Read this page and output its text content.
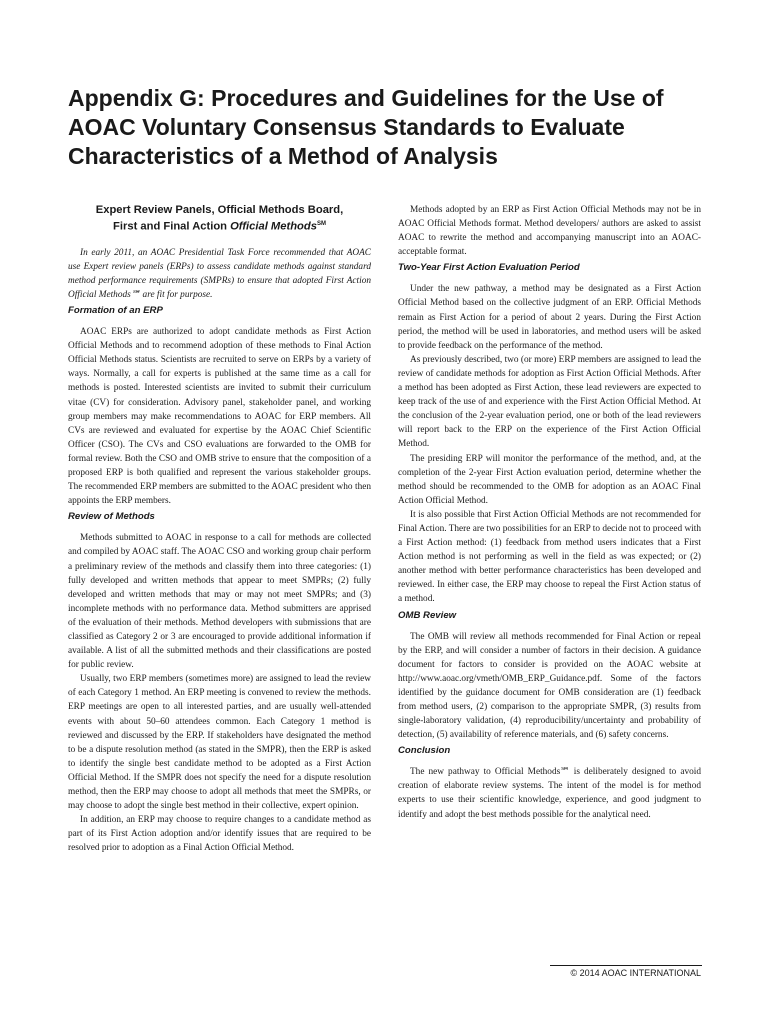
Appendix G: Procedures and Guidelines for the Use of AOAC Voluntary Consensus Standards to Evaluate Characteristics of a Method of Analysis
Expert Review Panels, Official Methods Board,
First and Final Action Official Methods℠

In early 2011, an AOAC Presidential Task Force recommended that AOAC use Expert review panels (ERPs) to assess candidate methods against standard method performance requirements (SMPRs) to ensure that adopted First Action Official Methods℠ are fit for purpose.

Formation of an ERP

AOAC ERPs are authorized to adopt candidate methods as First Action Official Methods and to recommend adoption of these methods to Final Action Official Methods status. Scientists are recruited to serve on ERPs by a variety of ways. Normally, a call for experts is published at the same time as a call for methods is posted. Interested scientists are invited to submit their curriculum vitae (CV) for consideration. Advisory panel, stakeholder panel, and working group members may make recommendations to AOAC for ERP members. All CVs are reviewed and evaluated for expertise by the AOAC Chief Scientific Officer (CSO). The CVs and CSO evaluations are forwarded to the OMB for formal review. Both the CSO and OMB strive to ensure that the composition of a proposed ERP is both qualified and represent the various stakeholder groups. The recommended ERP members are submitted to the AOAC president who then appoints the ERP members.

Review of Methods

Methods submitted to AOAC in response to a call for methods are collected and compiled by AOAC staff. The AOAC CSO and working group chair perform a preliminary review of the methods and classify them into three categories: (1) fully developed and written methods that appear to meet SMPRs; (2) fully developed and written methods that may or may not meet SMPRs; and (3) incomplete methods with no performance data. Method submitters are apprised of the evaluation of their methods. Method developers with submissions that are classified as Category 2 or 3 are encouraged to provide additional information if available. A list of all the submitted methods and their classifications are posted for public review.

Usually, two ERP members (sometimes more) are assigned to lead the review of each Category 1 method. An ERP meeting is convened to review the methods. ERP meetings are open to all interested parties, and are usually well-attended events with about 50–60 attendees common. Each Category 1 method is reviewed and discussed by the ERP. If stakeholders have designated the method to be a dispute resolution method (as stated in the SMPR), then the ERP is asked to identify the single best candidate method to be adopted as a First Action Official Method. If the SMPR does not specify the need for a dispute resolution method, then the ERP may choose to adopt all methods that meet the SMPRs, or may choose to adopt the single best method in their collective, expert opinion.

In addition, an ERP may choose to require changes to a candidate method as part of its First Action adoption and/or identify issues that are required to be resolved prior to adoption as a Final Action Official Method.

Methods adopted by an ERP as First Action Official Methods may not be in AOAC Official Methods format. Method developers/ authors are asked to assist AOAC to rewrite the method and accompanying manuscript into an AOAC-acceptable format.

Two-Year First Action Evaluation Period

Under the new pathway, a method may be designated as a First Action Official Method based on the collective judgment of an ERP. Official Methods remain as First Action for a period of about 2 years. During the First Action period, the method will be used in laboratories, and method users will be asked to provide feedback on the performance of the method.

As previously described, two (or more) ERP members are assigned to lead the review of candidate methods for adoption as First Action Official Methods. After a method has been adopted as First Action, these lead reviewers are expected to keep track of the use of and experience with the First Action Official Method. At the conclusion of the 2-year evaluation period, one or both of the lead reviewers will report back to the ERP on the experience of the First Action Official Method.

The presiding ERP will monitor the performance of the method, and, at the completion of the 2-year First Action evaluation period, determine whether the method should be recommended to the OMB for adoption as an AOAC Final Action Official Method.

It is also possible that First Action Official Methods are not recommended for Final Action. There are two possibilities for an ERP to decide not to proceed with a First Action method: (1) feedback from method users indicates that a First Action method is not performing as well in the field as was expected; or (2) another method with better performance characteristics has been developed and reviewed. In either case, the ERP may choose to repeal the First Action status of a method.

OMB Review

The OMB will review all methods recommended for Final Action or repeal by the ERP, and will consider a number of factors in their decision. A guidance document for factors to consider is provided on the AOAC website at http://www.aoac.org/vmeth/OMB_ERP_Guidance.pdf. Some of the factors identified by the guidance document for OMB consideration are (1) feedback from method users, (2) comparison to the appropriate SMPR, (3) results from single-laboratory validation, (4) reproducibility/uncertainty and probability of detection, (5) availability of reference materials, and (6) safety concerns.

Conclusion

The new pathway to Official Methods℠ is deliberately designed to avoid creation of elaborate review systems. The intent of the model is for method experts to use their scientific knowledge, experience, and good judgment to identify and adopt the best methods possible for the analytical need.

© 2014 AOAC INTERNATIONAL
